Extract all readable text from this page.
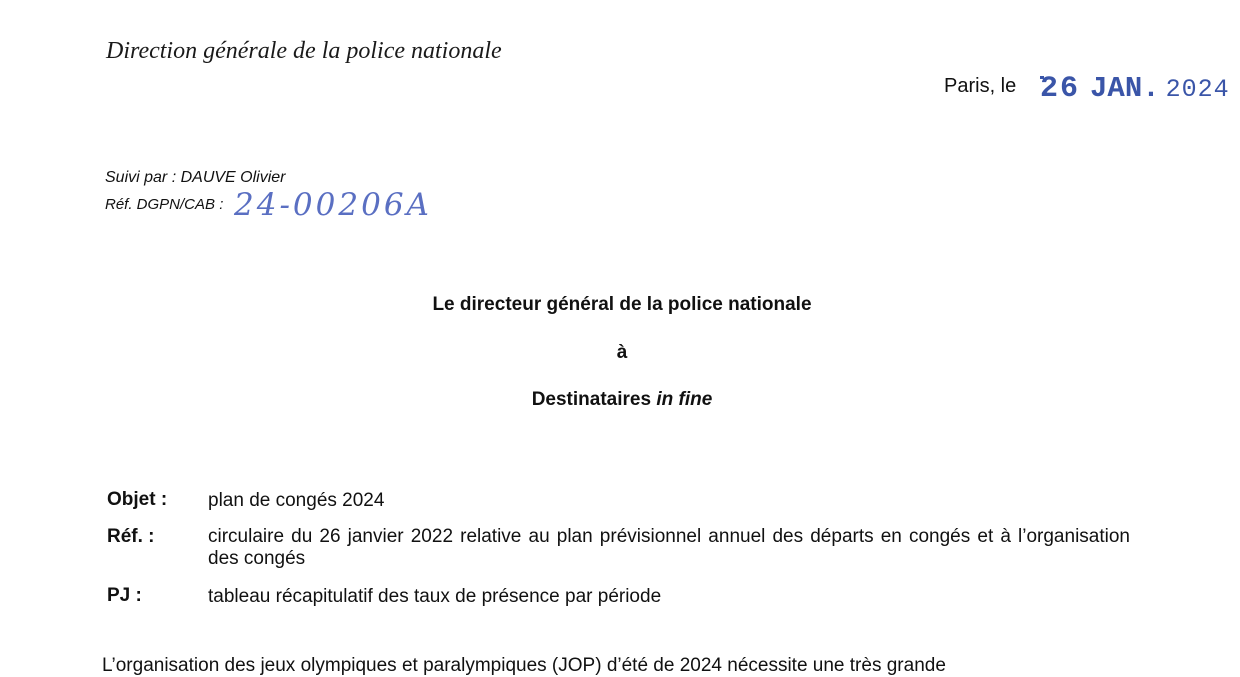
Direction générale de la police nationale
Paris, le 26 JAN. 2024
Suivi par : DAUVE Olivier
Réf. DGPN/CAB : 24-00206A
Le directeur général de la police nationale
à
Destinataires in fine
Objet : plan de congés 2024
Réf. :	circulaire du 26 janvier 2022 relative au plan prévisionnel annuel des départs en congés et à l’organisation des congés
PJ :	tableau récapitulatif des taux de présence par période
L’organisation des jeux olympiques et paralympiques (JOP) d’été de 2024 nécessite une très grande
